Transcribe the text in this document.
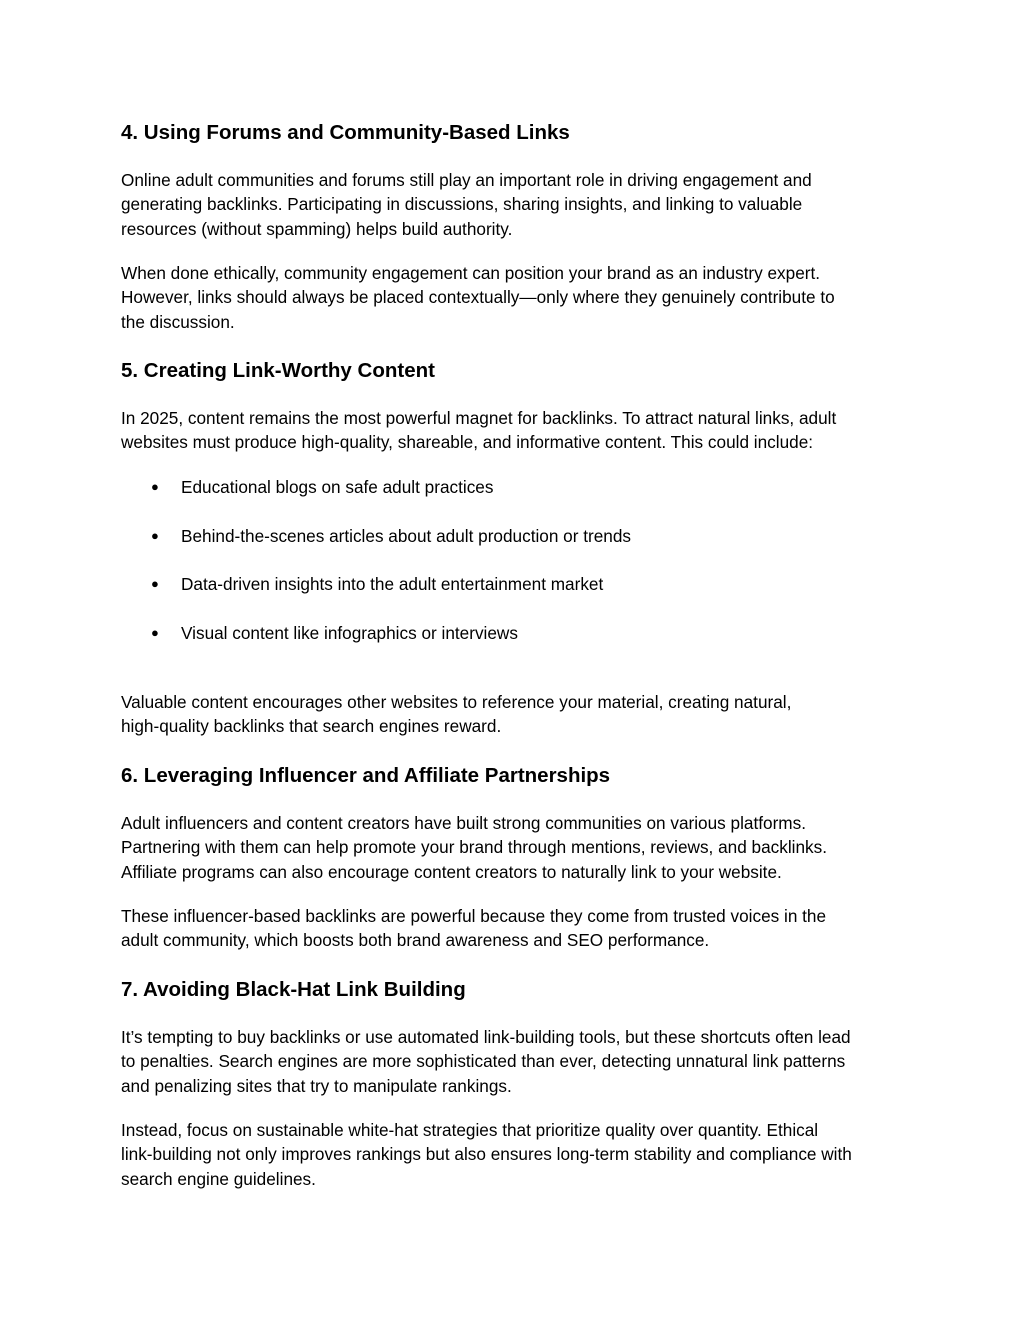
4. Using Forums and Community-Based Links

Online adult communities and forums still play an important role in driving engagement and
generating backlinks. Participating in discussions, sharing insights, and linking to valuable
resources (without spamming) helps build authority.

When done ethically, community engagement can position your brand as an industry expert.
However, links should always be placed contextually—only where they genuinely contribute to
the discussion.

5. Creating Link-Worthy Content

In 2025, content remains the most powerful magnet for backlinks. To attract natural links, adult
websites must produce high-quality, shareable, and informative content. This could include:

● Educational blogs on safe adult practices
● Behind-the-scenes articles about adult production or trends
● Data-driven insights into the adult entertainment market
● Visual content like infographics or interviews

Valuable content encourages other websites to reference your material, creating natural,
high-quality backlinks that search engines reward.

6. Leveraging Influencer and Affiliate Partnerships

Adult influencers and content creators have built strong communities on various platforms.
Partnering with them can help promote your brand through mentions, reviews, and backlinks.
Affiliate programs can also encourage content creators to naturally link to your website.

These influencer-based backlinks are powerful because they come from trusted voices in the
adult community, which boosts both brand awareness and SEO performance.

7. Avoiding Black-Hat Link Building

It’s tempting to buy backlinks or use automated link-building tools, but these shortcuts often lead
to penalties. Search engines are more sophisticated than ever, detecting unnatural link patterns
and penalizing sites that try to manipulate rankings.

Instead, focus on sustainable white-hat strategies that prioritize quality over quantity. Ethical
link-building not only improves rankings but also ensures long-term stability and compliance with
search engine guidelines.
